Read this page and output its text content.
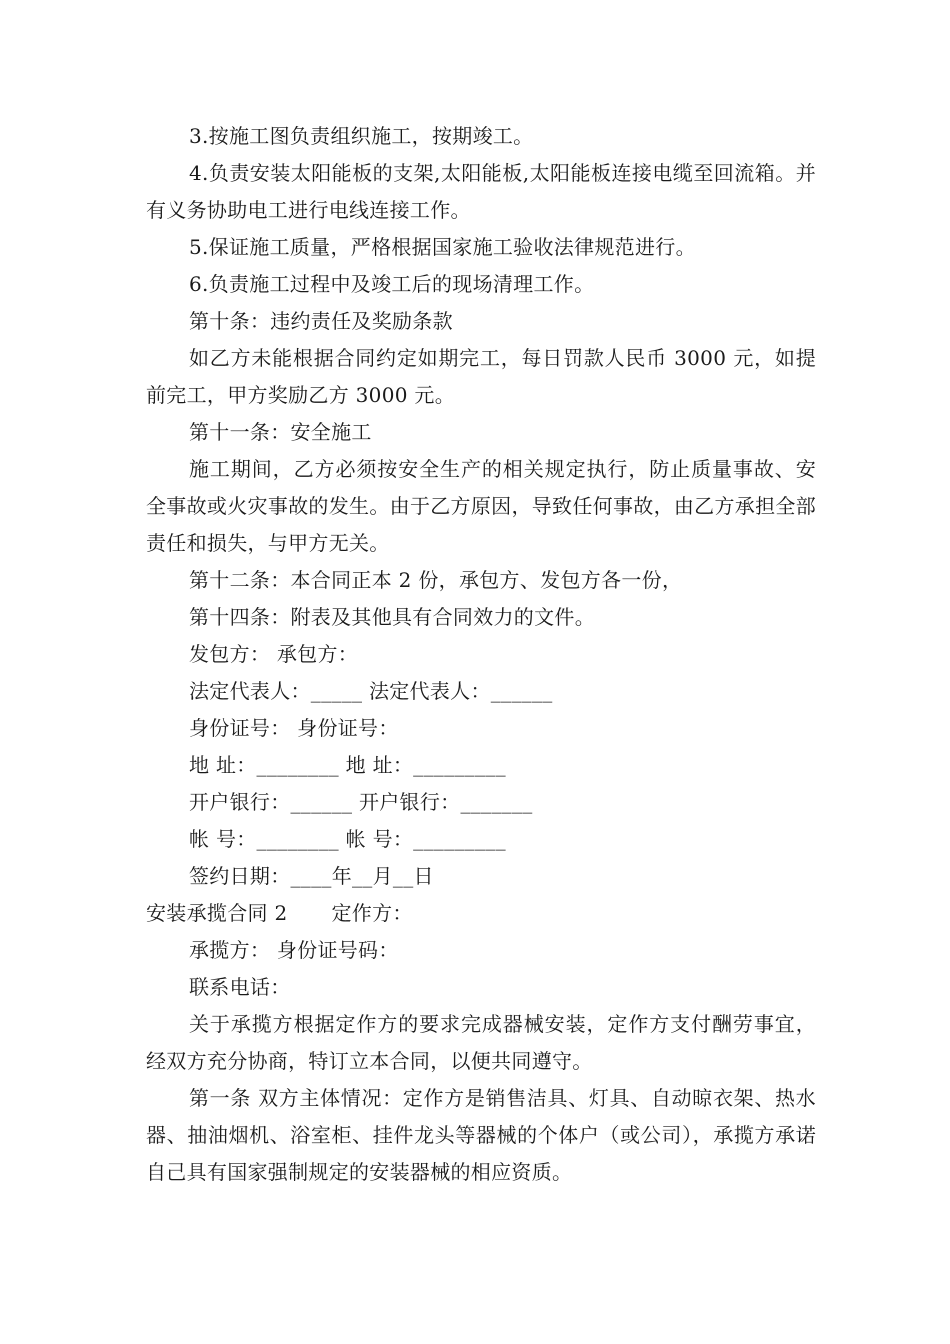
3.按施工图负责组织施工，按期竣工。

4.负责安装太阳能板的支架,太阳能板,太阳能板连接电缆至回流箱。并有义务协助电工进行电线连接工作。

5.保证施工质量，严格根据国家施工验收法律规范进行。

6.负责施工过程中及竣工后的现场清理工作。

第十条：违约责任及奖励条款

如乙方未能根据合同约定如期完工，每日罚款人民币 3000 元，如提前完工，甲方奖励乙方 3000 元。

第十一条：安全施工

施工期间，乙方必须按安全生产的相关规定执行，防止质量事故、安全事故或火灾事故的发生。由于乙方原因，导致任何事故，由乙方承担全部责任和损失，与甲方无关。

第十二条：本合同正本 2 份，承包方、发包方各一份，

第十四条：附表及其他具有合同效力的文件。

发包方： 承包方：

法定代表人：_____ 法定代表人：______

身份证号： 身份证号：

地 址：________ 地 址：_________

开户银行：______ 开户银行：_______

帐 号：________ 帐 号：_________

签约日期：____年__月__日

安装承揽合同 2 定作方：

承揽方： 身份证号码：

联系电话：

关于承揽方根据定作方的要求完成器械安装，定作方支付酬劳事宜，经双方充分协商，特订立本合同，以便共同遵守。

第一条 双方主体情况：定作方是销售洁具、灯具、自动晾衣架、热水器、抽油烟机、浴室柜、挂件龙头等器械的个体户（或公司），承揽方承诺自己具有国家强制规定的安装器械的相应资质。
